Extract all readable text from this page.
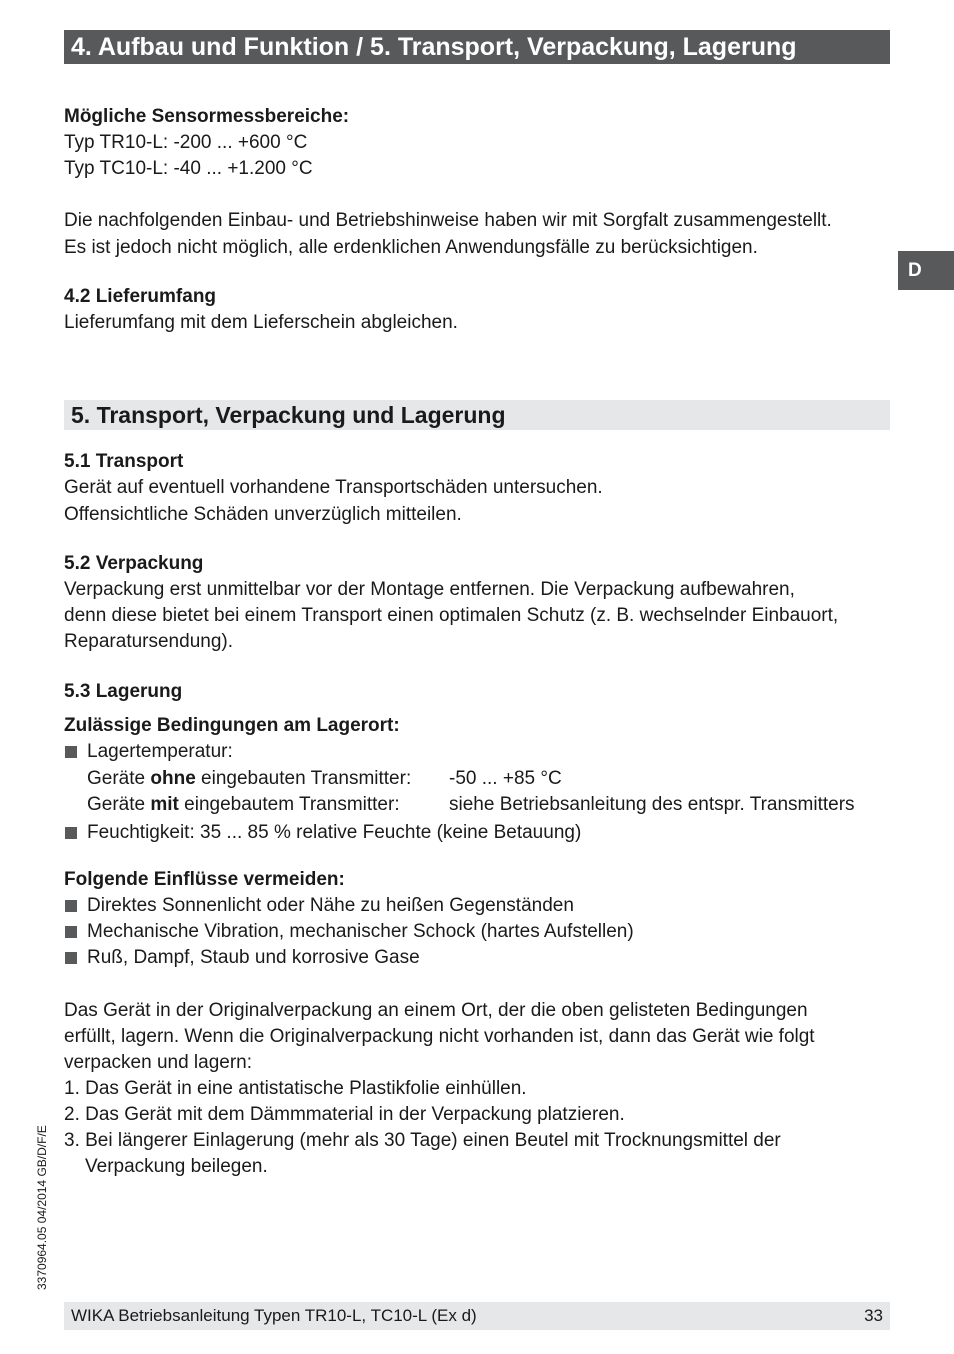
4. Aufbau und Funktion / 5. Transport, Verpackung, Lagerung
D
Mögliche Sensormessbereiche:
Typ TR10-L: -200 ... +600 °C
Typ TC10-L: -40 ... +1.200 °C
Die nachfolgenden Einbau- und Betriebshinweise haben wir mit Sorgfalt zusammengestellt.
Es ist jedoch nicht möglich, alle erdenklichen Anwendungsfälle zu berücksichtigen.
4.2 Lieferumfang
Lieferumfang mit dem Lieferschein abgleichen.
5. Transport, Verpackung und Lagerung
5.1 Transport
Gerät auf eventuell vorhandene Transportschäden untersuchen.
Offensichtliche Schäden unverzüglich mitteilen.
5.2 Verpackung
Verpackung erst unmittelbar vor der Montage entfernen. Die Verpackung aufbewahren,
denn diese bietet bei einem Transport einen optimalen Schutz (z. B. wechselnder Einbauort,
Reparatursendung).
5.3 Lagerung
Zulässige Bedingungen am Lagerort:
Lagertemperatur:
Geräte ohne eingebauten Transmitter: -50 ... +85 °C
Geräte mit eingebautem Transmitter:	siehe Betriebsanleitung des entspr. Transmitters
Feuchtigkeit: 35 ... 85 % relative Feuchte (keine Betauung)
Folgende Einflüsse vermeiden:
Direktes Sonnenlicht oder Nähe zu heißen Gegenständen
Mechanische Vibration, mechanischer Schock (hartes Aufstellen)
Ruß, Dampf, Staub und korrosive Gase
Das Gerät in der Originalverpackung an einem Ort, der die oben gelisteten Bedingungen
erfüllt, lagern. Wenn die Originalverpackung nicht vorhanden ist, dann das Gerät wie folgt
verpacken und lagern:
1. Das Gerät in eine antistatische Plastikfolie einhüllen.
2. Das Gerät mit dem Dämmmaterial in der Verpackung platzieren.
3. Bei längerer Einlagerung (mehr als 30 Tage) einen Beutel mit Trocknungsmittel der
Verpackung beilegen.
3370964.05 04/2014 GB/D/F/E
WIKA Betriebsanleitung Typen TR10-L, TC10-L (Ex d)	33
